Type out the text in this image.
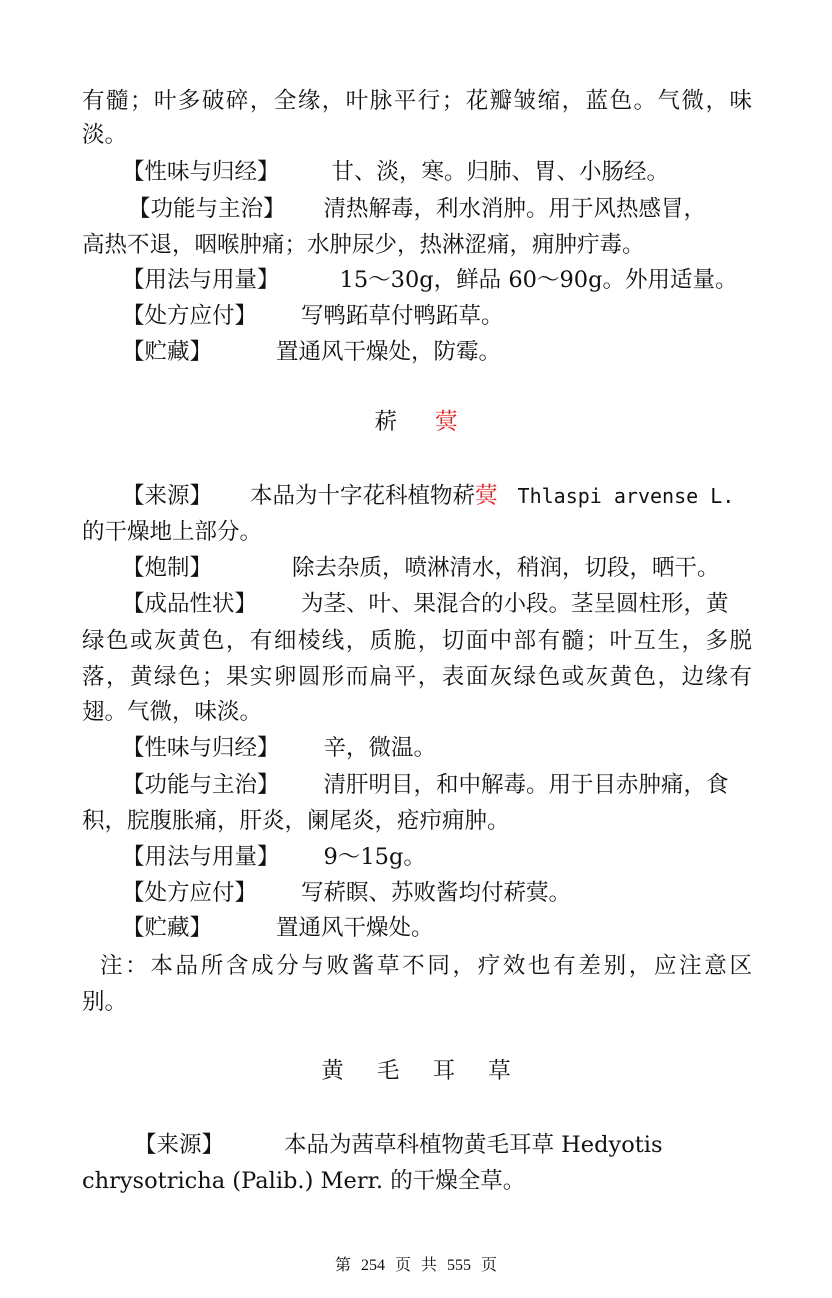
有髓；叶多破碎，全缘，叶脉平行；花瓣皱缩，蓝色。气微，味
淡。
【性味与归经】 甘、淡，寒。归肺、胃、小肠经。
【功能与主治】 清热解毒，利水消肿。用于风热感冒，
高热不退，咽喉肿痛；水肿尿少，热淋涩痛，痈肿疔毒。
【用法与用量】	15～30g，鲜品 60～90g。外用适量。
【处方应付】 写鸭跖草付鸭跖草。
【贮藏】	置通风干燥处，防霉。
菥 蓂
【来源】 本品为十字花科植物菥蓂 Thlaspi arvense L.
的干燥地上部分。
【炮制】	除去杂质，喷淋清水，稍润，切段，晒干。
【成品性状】 为茎、叶、果混合的小段。茎呈圆柱形，黄
绿色或灰黄色，有细棱线，质脆，切面中部有髓；叶互生，多脱
落，黄绿色；果实卵圆形而扁平，表面灰绿色或灰黄色，边缘有
翅。气微，味淡。
【性味与归经】 辛，微温。
【功能与主治】 清肝明目，和中解毒。用于目赤肿痛，食
积，脘腹胀痛，肝炎，阑尾炎，疮疖痈肿。
【用法与用量】 9～15g。
【处方应付】 写菥瞑、苏败酱均付菥蓂。
【贮藏】	置通风干燥处。
注：本品所含成分与败酱草不同，疗效也有差别，应注意区
别。
黄 毛 耳 草
【来源】	本品为茜草科植物黄毛耳草 Hedyotis
chrysotricha (Palib.) Merr. 的干燥全草。
第 254 页 共 555 页
